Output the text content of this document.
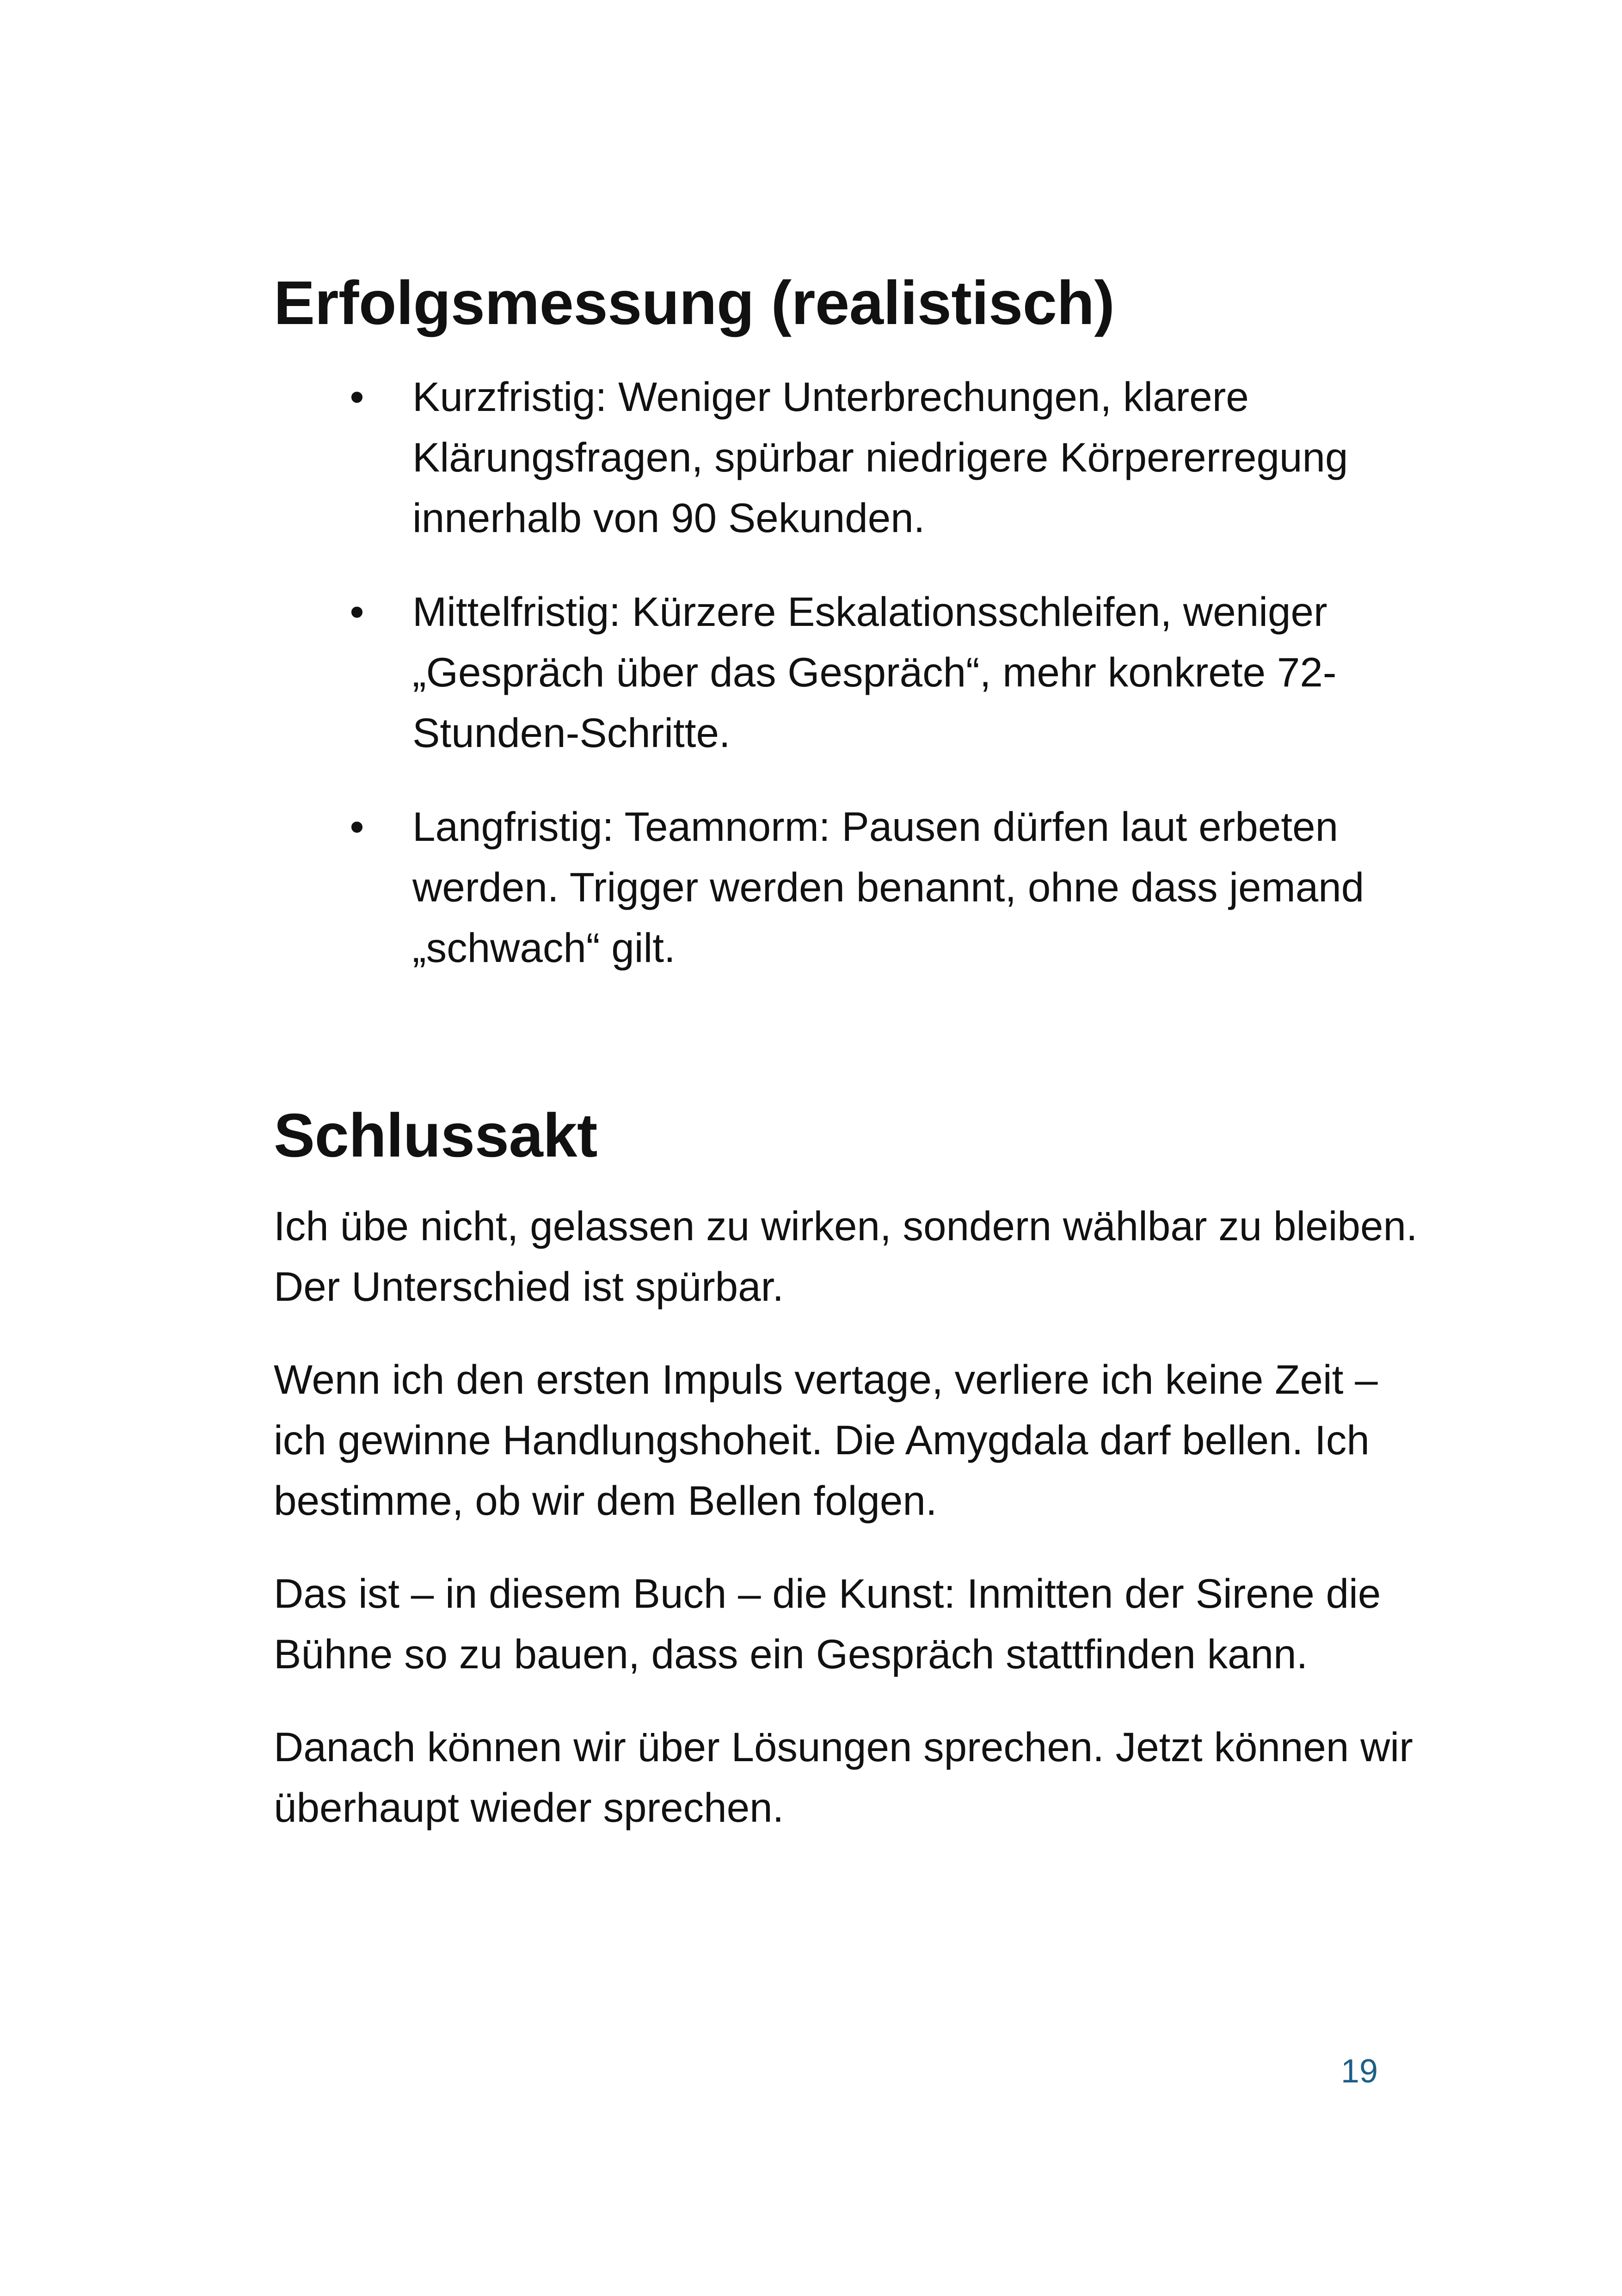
Erfolgsmessung (realistisch)
• Kurzfristig: Weniger Unterbrechungen, klarere Klärungsfragen, spürbar niedrigere Körpererregung innerhalb von 90 Sekunden.
• Mittelfristig: Kürzere Eskalationsschleifen, weniger „Gespräch über das Gespräch“, mehr konkrete 72-Stunden-Schritte.
• Langfristig: Teamnorm: Pausen dürfen laut erbeten werden. Trigger werden benannt, ohne dass jemand „schwach“ gilt.
Schlussakt

Ich übe nicht, gelassen zu wirken, sondern wählbar zu bleiben. Der Unterschied ist spürbar.

Wenn ich den ersten Impuls vertage, verliere ich keine Zeit – ich gewinne Handlungshoheit. Die Amygdala darf bellen. Ich bestimme, ob wir dem Bellen folgen.

Das ist – in diesem Buch – die Kunst: Inmitten der Sirene die Bühne so zu bauen, dass ein Gespräch stattfinden kann.

Danach können wir über Lösungen sprechen. Jetzt können wir überhaupt wieder sprechen.

19
